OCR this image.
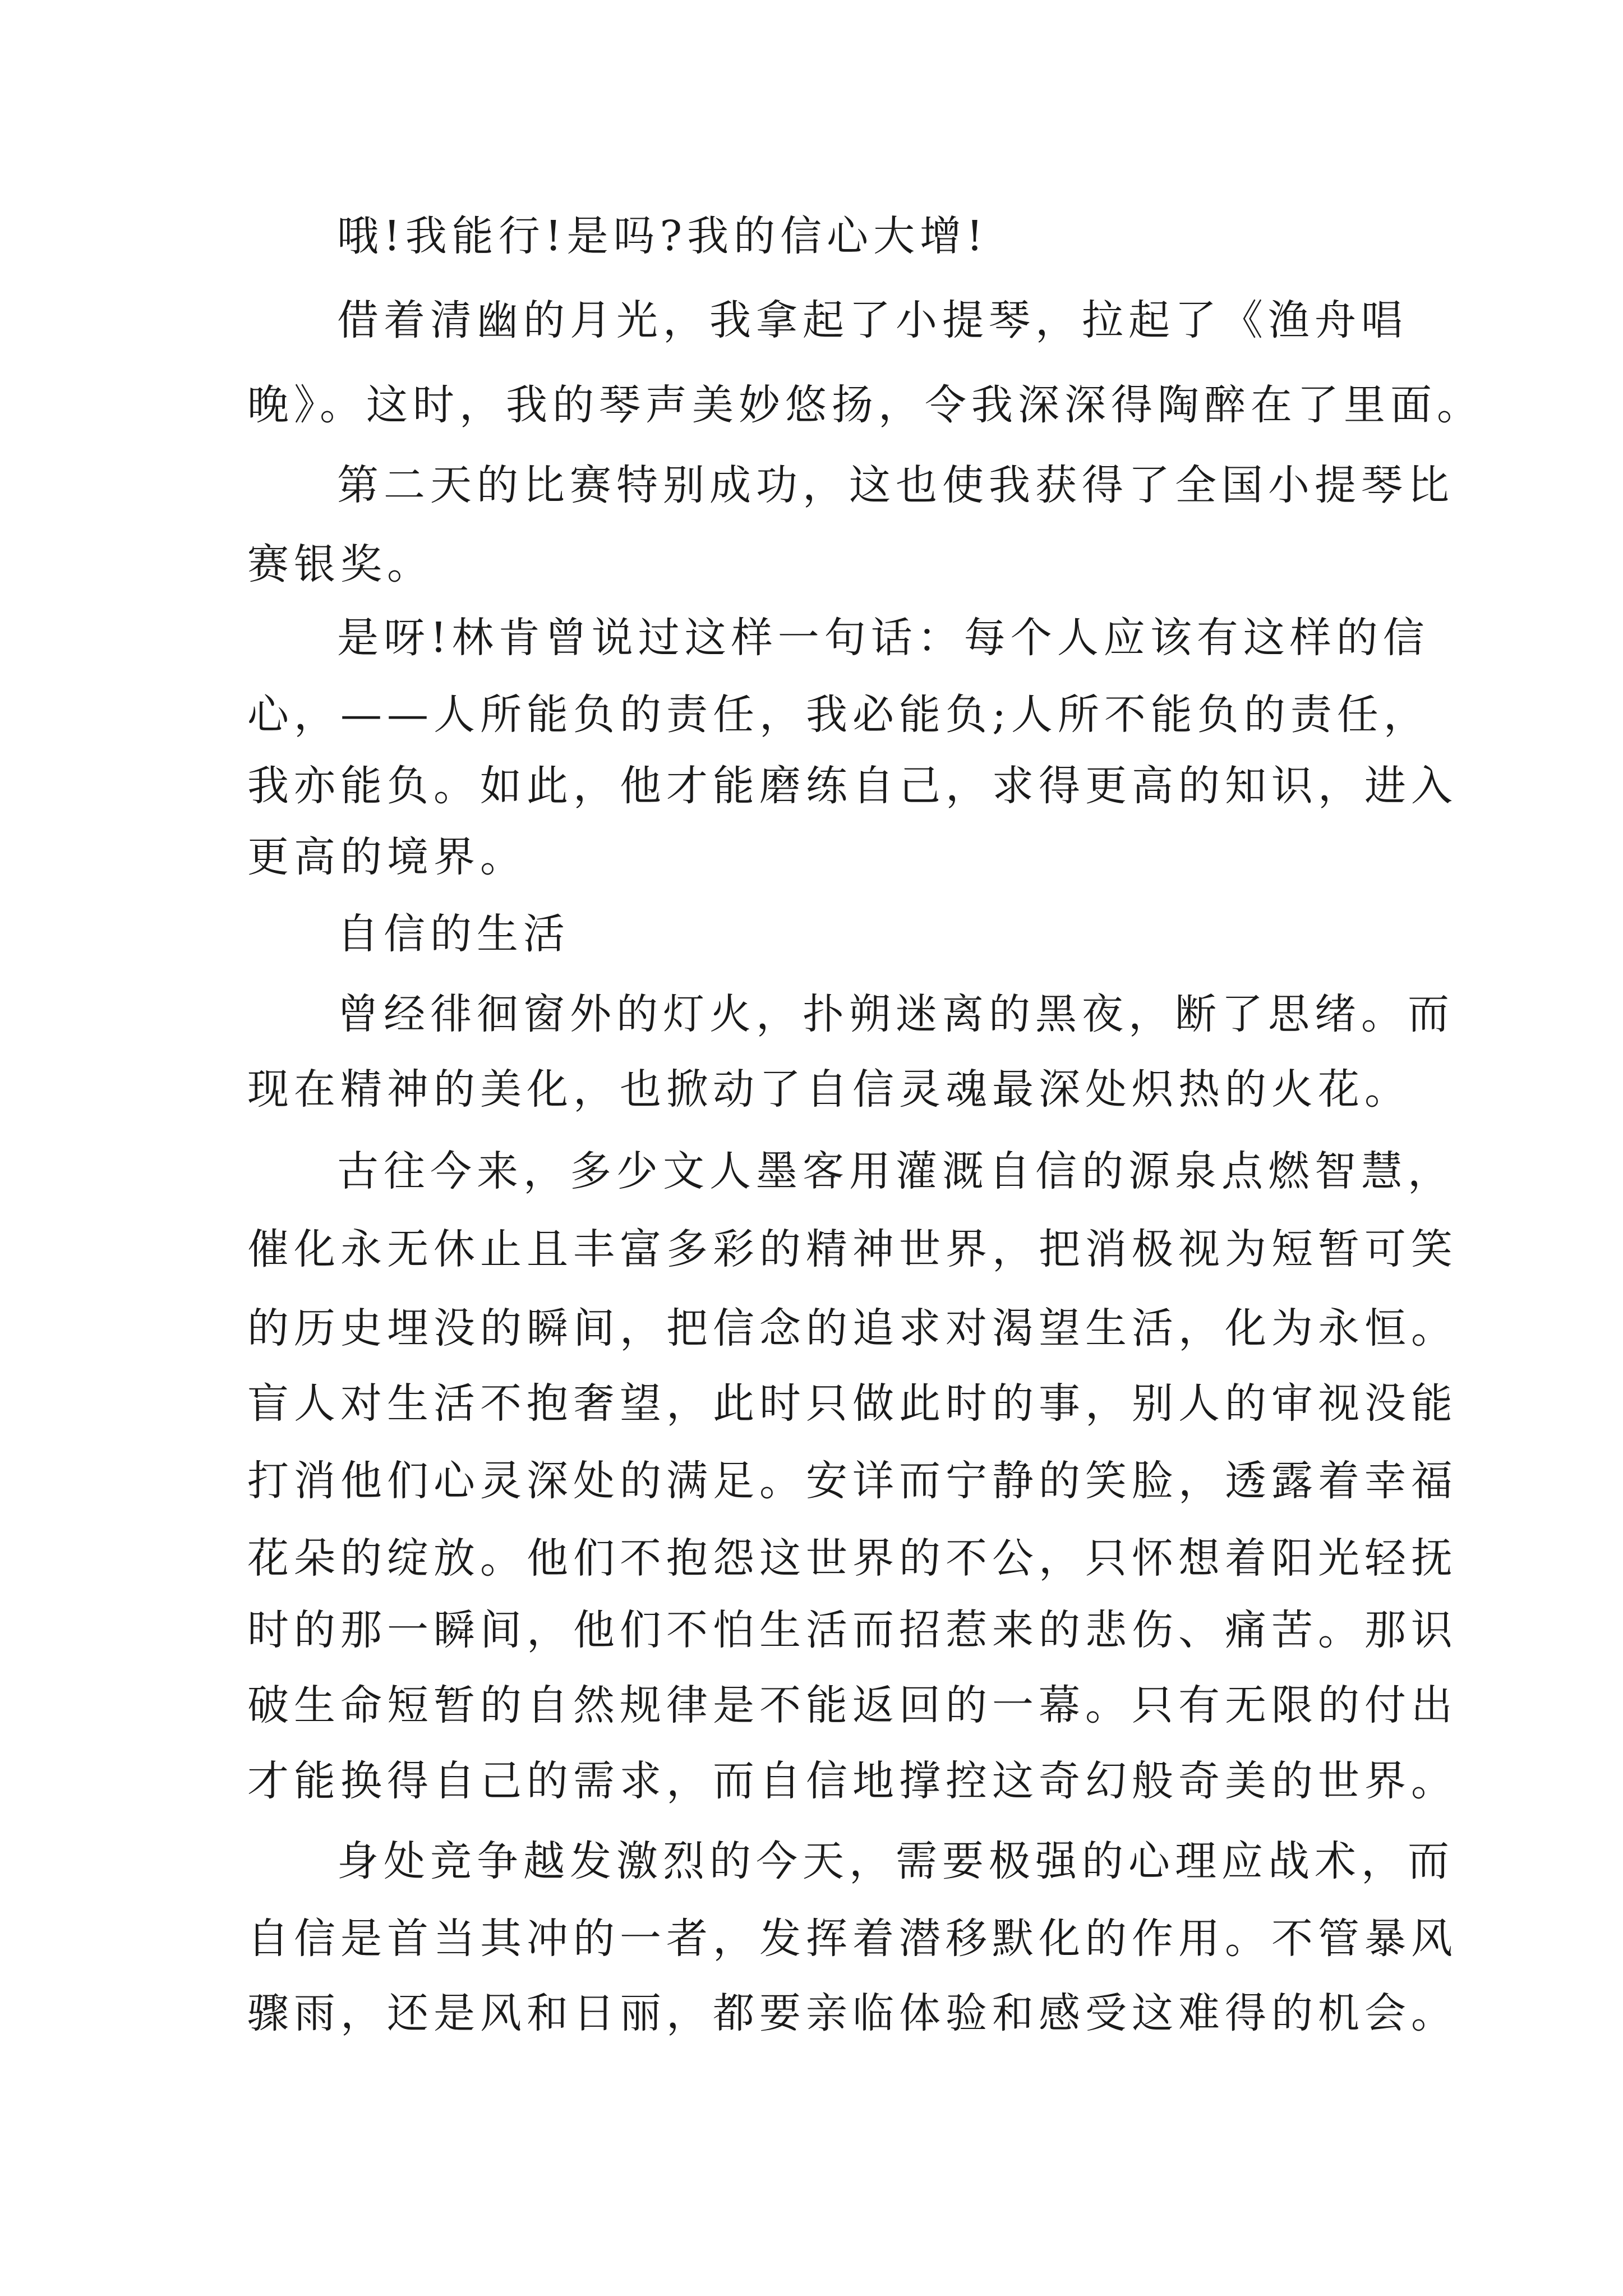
哦!我能行!是吗?我的信心大增!
借着清幽的月光，我拿起了小提琴，拉起了《渔舟唱
晚》。这时，我的琴声美妙悠扬，令我深深得陶醉在了里面。
第二天的比赛特别成功，这也使我获得了全国小提琴比
赛银奖。
是呀!林肯曾说过这样一句话：每个人应该有这样的信
心，——人所能负的责任，我必能负;人所不能负的责任，
我亦能负。如此，他才能磨练自己，求得更高的知识，进入
更高的境界。
自信的生活
曾经徘徊窗外的灯火，扑朔迷离的黑夜，断了思绪。而
现在精神的美化，也掀动了自信灵魂最深处炽热的火花。
古往今来，多少文人墨客用灌溉自信的源泉点燃智慧，
催化永无休止且丰富多彩的精神世界，把消极视为短暂可笑
的历史埋没的瞬间，把信念的追求对渴望生活，化为永恒。
盲人对生活不抱奢望，此时只做此时的事，别人的审视没能
打消他们心灵深处的满足。安详而宁静的笑脸，透露着幸福
花朵的绽放。他们不抱怨这世界的不公，只怀想着阳光轻抚
时的那一瞬间，他们不怕生活而招惹来的悲伤、痛苦。那识
破生命短暂的自然规律是不能返回的一幕。只有无限的付出
才能换得自己的需求，而自信地撑控这奇幻般奇美的世界。
身处竞争越发激烈的今天，需要极强的心理应战术，而
自信是首当其冲的一者，发挥着潜移默化的作用。不管暴风
骤雨，还是风和日丽，都要亲临体验和感受这难得的机会。
